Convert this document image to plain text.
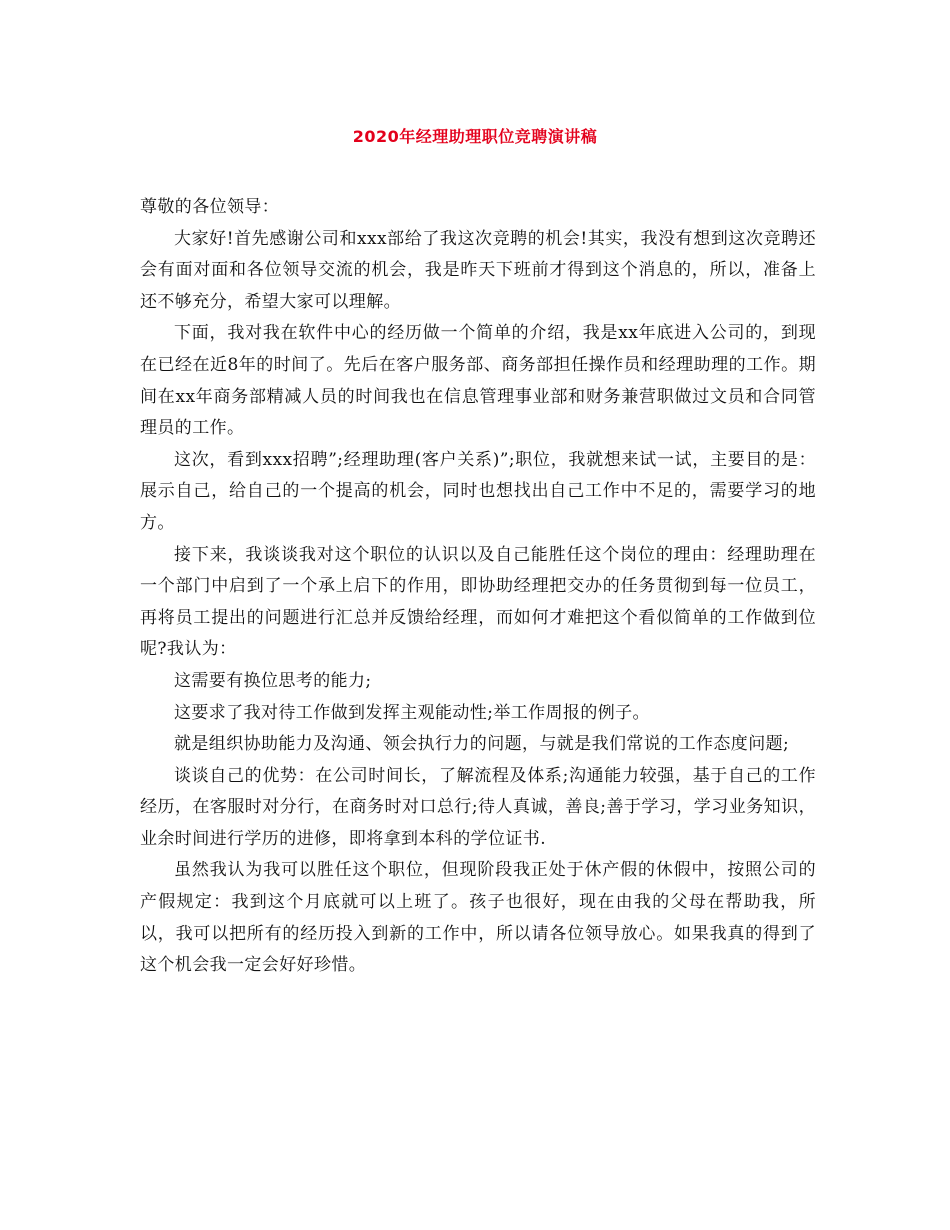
2020年经理助理职位竞聘演讲稿

尊敬的各位领导：

大家好!首先感谢公司和xxx部给了我这次竞聘的机会!其实，我没有想到这次竞聘还会有面对面和各位领导交流的机会，我是昨天下班前才得到这个消息的，所以，准备上还不够充分，希望大家可以理解。

下面，我对我在软件中心的经历做一个简单的介绍，我是xx年底进入公司的，到现在已经在近8年的时间了。先后在客户服务部、商务部担任操作员和经理助理的工作。期间在xx年商务部精减人员的时间我也在信息管理事业部和财务兼营职做过文员和合同管理员的工作。

这次，看到xxx招聘”;经理助理(客户关系)”;职位，我就想来试一试，主要目的是：展示自己，给自己的一个提高的机会，同时也想找出自己工作中不足的，需要学习的地方。

接下来，我谈谈我对这个职位的认识以及自己能胜任这个岗位的理由：经理助理在一个部门中启到了一个承上启下的作用，即协助经理把交办的任务贯彻到每一位员工，再将员工提出的问题进行汇总并反馈给经理，而如何才难把这个看似简单的工作做到位呢?我认为：

这需要有换位思考的能力;

这要求了我对待工作做到发挥主观能动性;举工作周报的例子。

就是组织协助能力及沟通、领会执行力的问题，与就是我们常说的工作态度问题;

谈谈自己的优势：在公司时间长，了解流程及体系;沟通能力较强，基于自己的工作经历，在客服时对分行，在商务时对口总行;待人真诚，善良;善于学习，学习业务知识，业余时间进行学历的进修，即将拿到本科的学位证书.

虽然我认为我可以胜任这个职位，但现阶段我正处于休产假的休假中，按照公司的产假规定：我到这个月底就可以上班了。孩子也很好，现在由我的父母在帮助我，所以，我可以把所有的经历投入到新的工作中，所以请各位领导放心。如果我真的得到了这个机会我一定会好好珍惜。
